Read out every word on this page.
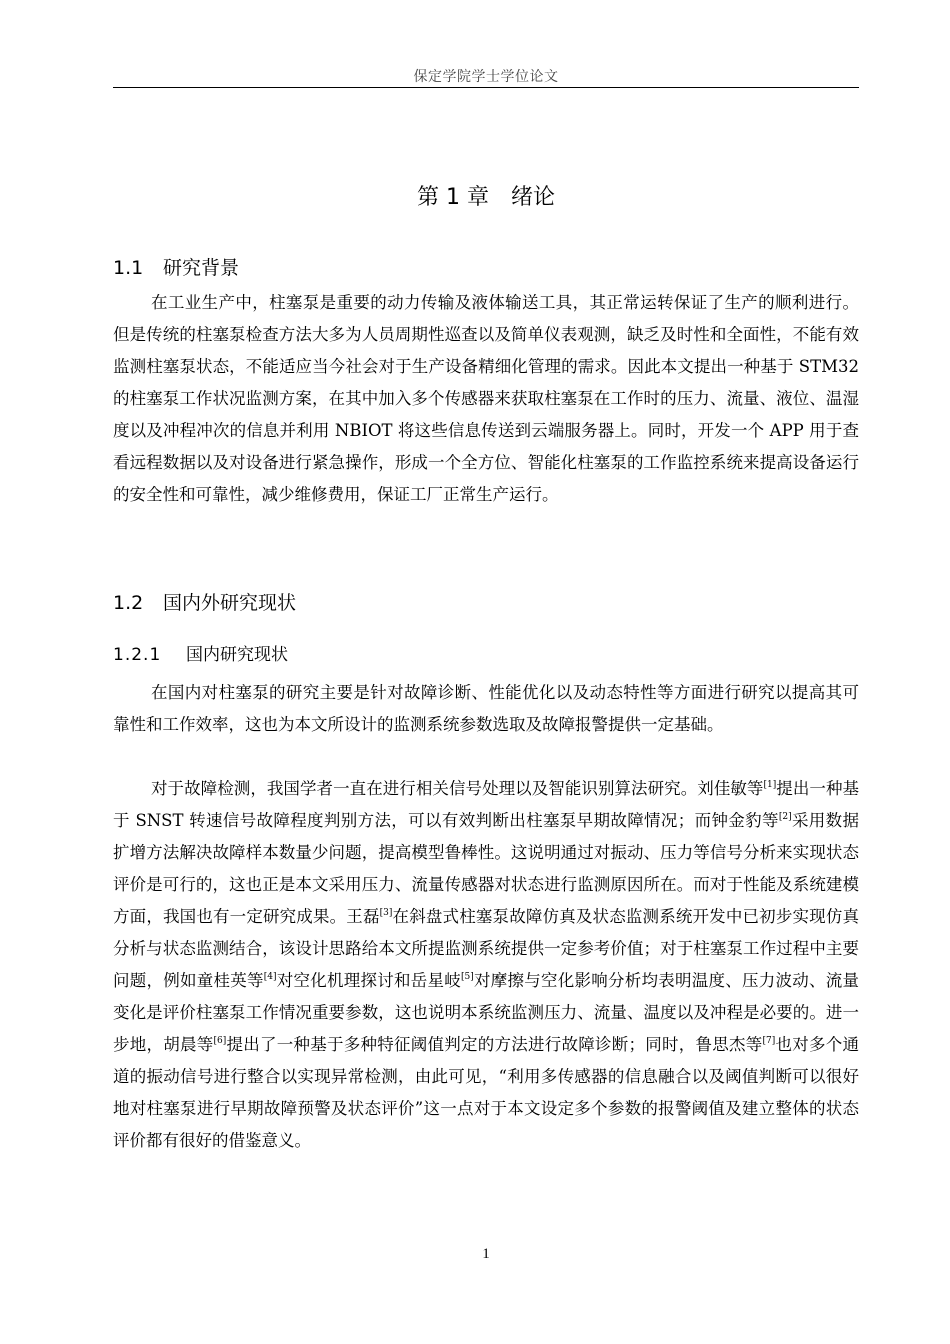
保定学院学士学位论文
第 1 章 绪论
1.1 研究背景

在工业生产中，柱塞泵是重要的动力传输及液体输送工具，其正常运转保证了生产的顺利进行。但是传统的柱塞泵检查方法大多为人员周期性巡查以及简单仪表观测，缺乏及时性和全面性，不能有效监测柱塞泵状态，不能适应当今社会对于生产设备精细化管理的需求。因此本文提出一种基于 STM32 的柱塞泵工作状况监测方案，在其中加入多个传感器来获取柱塞泵在工作时的压力、流量、液位、温湿度以及冲程冲次的信息并利用 NBIOT 将这些信息传送到云端服务器上。同时，开发一个 APP 用于查看远程数据以及对设备进行紧急操作，形成一个全方位、智能化柱塞泵的工作监控系统来提高设备运行的安全性和可靠性，减少维修费用，保证工厂正常生产运行。

1.2 国内外研究现状
1.2.1 国内研究现状

在国内对柱塞泵的研究主要是针对故障诊断、性能优化以及动态特性等方面进行研究以提高其可靠性和工作效率，这也为本文所设计的监测系统参数选取及故障报警提供一定基础。

对于故障检测，我国学者一直在进行相关信号处理以及智能识别算法研究。刘佳敏等[1]提出一种基于 SNST 转速信号故障程度判别方法，可以有效判断出柱塞泵早期故障情况；而钟金豹等[2]采用数据扩增方法解决故障样本数量少问题，提高模型鲁棒性。这说明通过对振动、压力等信号分析来实现状态评价是可行的，这也正是本文采用压力、流量传感器对状态进行监测原因所在。而对于性能及系统建模方面，我国也有一定研究成果。王磊[3]在斜盘式柱塞泵故障仿真及状态监测系统开发中已初步实现仿真分析与状态监测结合，该设计思路给本文所提监测系统提供一定参考价值；对于柱塞泵工作过程中主要问题，例如童桂英等[4]对空化机理探讨和岳星岐[5]对摩擦与空化影响分析均表明温度、压力波动、流量变化是评价柱塞泵工作情况重要参数，这也说明本系统监测压力、流量、温度以及冲程是必要的。进一步地，胡晨等[6]提出了一种基于多种特征阈值判定的方法进行故障诊断；同时，鲁思杰等[7]也对多个通道的振动信号进行整合以实现异常检测，由此可见，“利用多传感器的信息融合以及阈值判断可以很好地对柱塞泵进行早期故障预警及状态评价”这一点对于本文设定多个参数的报警阈值及建立整体的状态评价都有很好的借鉴意义。

1
